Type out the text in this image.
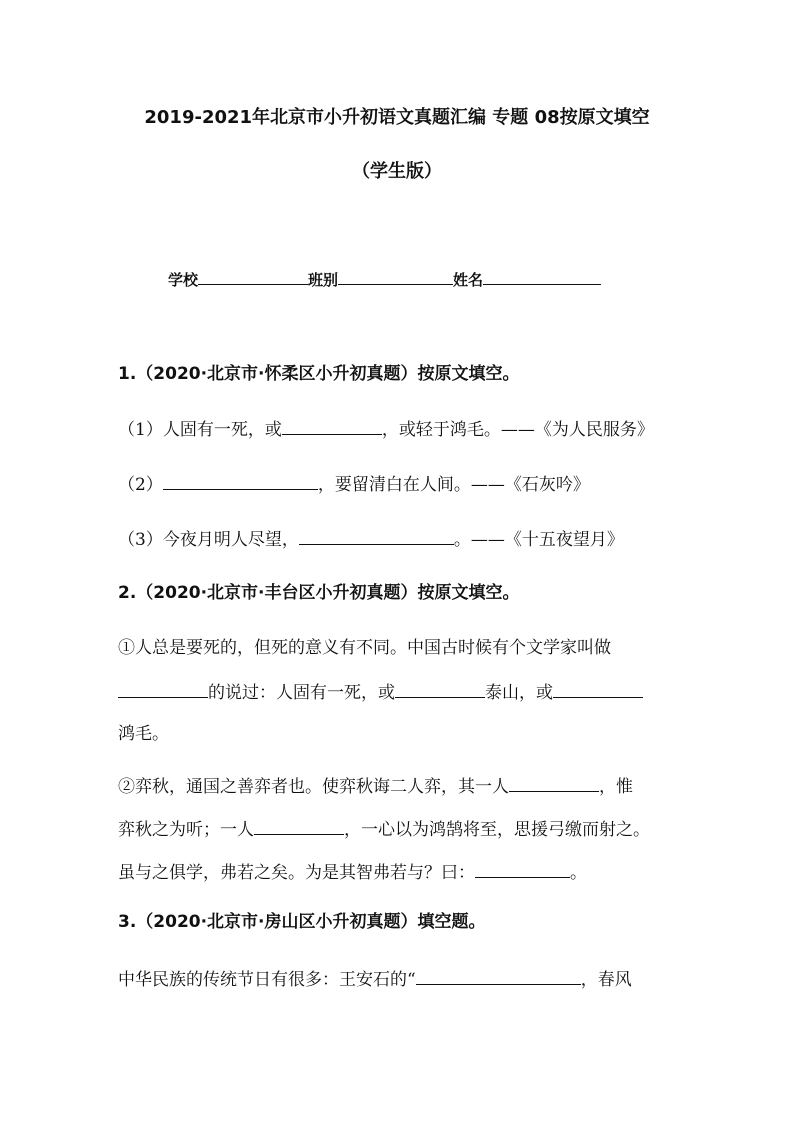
2019-2021年北京市小升初语文真题汇编 专题 08按原文填空
（学生版）
学校	班别	姓名
1.（2020·北京市·怀柔区小升初真题）按原文填空。
（1）人固有一死，或	，或轻于鸿毛。——《为人民服务》
（2）	，要留清白在人间。——《石灰吟》
（3）今夜月明人尽望，	。——《十五夜望月》
2.（2020·北京市·丰台区小升初真题）按原文填空。
①人总是要死的，但死的意义有不同。中国古时候有个文学家叫做
的说过：人固有一死，或	泰山，或
鸿毛。
②弈秋，通国之善弈者也。使弈秋诲二人弈，其一人	，惟
弈秋之为听；一人	，一心以为鸿鹄将至，思援弓缴而射之。
虽与之俱学，弗若之矣。为是其智弗若与？曰：	。
3.（2020·北京市·房山区小升初真题）填空题。
中华民族的传统节日有很多：王安石的“	，春风
